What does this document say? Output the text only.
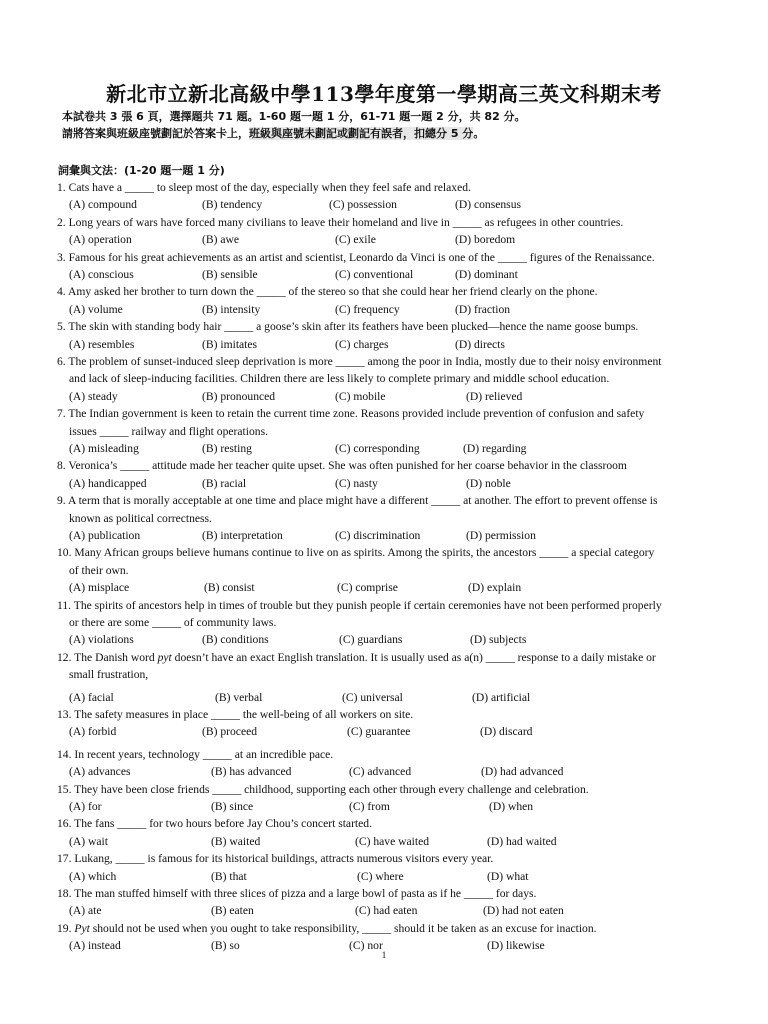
新北市立新北高級中學113學年度第一學期高三英文科期末考
本試卷共 3 張 6 頁，選擇題共 71 題。1-60 題一題 1 分，61-71 題一題 2 分，共 82 分。
請將答案與班級座號劃記於答案卡上，班級與座號未劃記或劃記有誤者，扣總分 5 分。
詞彙與文法：(1-20 題一題 1 分)
1. Cats have a _____ to sleep most of the day, especially when they feel safe and relaxed.
(A) compound	(B) tendency	(C) possession	(D) consensus
2. Long years of wars have forced many civilians to leave their homeland and live in _____ as refugees in other countries.
(A) operation	(B) awe	(C) exile	(D) boredom
3. Famous for his great achievements as an artist and scientist, Leonardo da Vinci is one of the _____ figures of the Renaissance.
(A) conscious	(B) sensible	(C) conventional	(D) dominant
4. Amy asked her brother to turn down the _____ of the stereo so that she could hear her friend clearly on the phone.
(A) volume	(B) intensity	(C) frequency	(D) fraction
5. The skin with standing body hair _____ a goose’s skin after its feathers have been plucked—hence the name goose bumps.
(A) resembles	(B) imitates	(C) charges	(D) directs
6. The problem of sunset-induced sleep deprivation is more _____ among the poor in India, mostly due to their noisy environment
and lack of sleep-inducing facilities. Children there are less likely to complete primary and middle school education.
(A) steady	(B) pronounced	(C) mobile	(D) relieved
7. The Indian government is keen to retain the current time zone. Reasons provided include prevention of confusion and safety
issues _____ railway and flight operations.
(A) misleading	(B) resting	(C) corresponding	(D) regarding
8. Veronica’s _____ attitude made her teacher quite upset. She was often punished for her coarse behavior in the classroom
(A) handicapped	(B) racial	(C) nasty	(D) noble
9. A term that is morally acceptable at one time and place might have a different _____ at another. The effort to prevent offense is
known as political correctness.
(A) publication	(B) interpretation	(C) discrimination	(D) permission
10. Many African groups believe humans continue to live on as spirits. Among the spirits, the ancestors _____ a special category
of their own.
(A) misplace	(B) consist	(C) comprise	(D) explain
11. The spirits of ancestors help in times of trouble but they punish people if certain ceremonies have not been performed properly
or there are some _____ of community laws.
(A) violations	(B) conditions	(C) guardians	(D) subjects
12. The Danish word pyt doesn’t have an exact English translation. It is usually used as a(n) _____ response to a daily mistake or
small frustration,
(A) facial	(B) verbal	(C) universal	(D) artificial
13. The safety measures in place _____ the well-being of all workers on site.
(A) forbid	(B) proceed	(C) guarantee	(D) discard
14. In recent years, technology _____ at an incredible pace.
(A) advances	(B) has advanced	(C) advanced	(D) had advanced
15. They have been close friends _____ childhood, supporting each other through every challenge and celebration.
(A) for	(B) since	(C) from	(D) when
16. The fans _____ for two hours before Jay Chou’s concert started.
(A) wait	(B) waited	(C) have waited	(D) had waited
17. Lukang, _____ is famous for its historical buildings, attracts numerous visitors every year.
(A) which	(B) that	(C) where	(D) what
18. The man stuffed himself with three slices of pizza and a large bowl of pasta as if he _____ for days.
(A) ate	(B) eaten	(C) had eaten	(D) had not eaten
19. Pyt should not be used when you ought to take responsibility, _____ should it be taken as an excuse for inaction.
(A) instead	(B) so	(C) nor	(D) likewise
1
